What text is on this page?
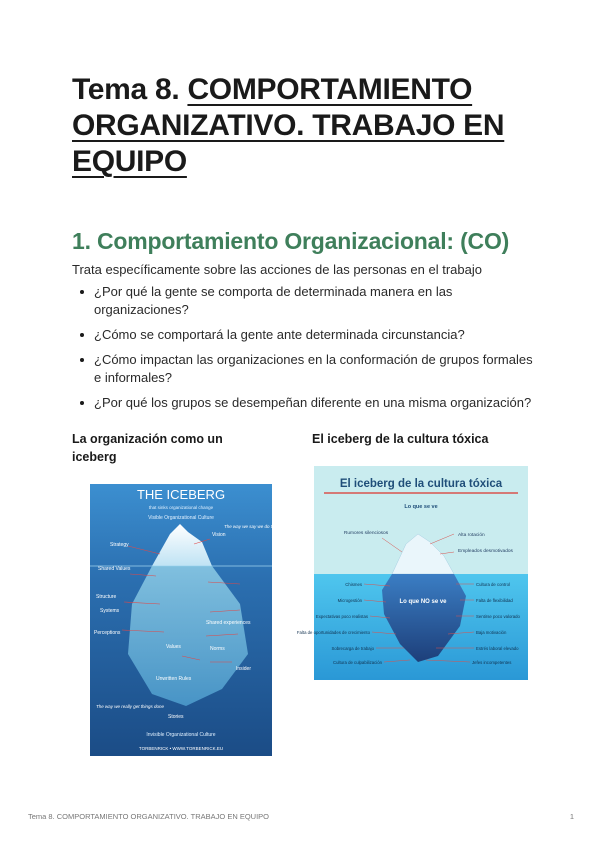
Tema 8. COMPORTAMIENTO ORGANIZATIVO. TRABAJO EN EQUIPO
1. Comportamiento Organizacional: (CO)
Trata específicamente sobre las acciones de las personas en el trabajo
¿Por qué la gente se comporta de determinada manera en las organizaciones?
¿Cómo se comportará la gente ante determinada circunstancia?
¿Cómo impactan las organizaciones en la conformación de grupos formales e informales?
¿Por qué los grupos se desempeñan diferente en una misma organización?
La organización como un iceberg
El iceberg de la cultura tóxica
THE ICEBERG
that sinks organizational change
Visible Organizational Culture
Vision
Strategy
Shared Values
Structure
Systems
Perceptions
Values	Norms
Unwritten Rules
Stories
Shared experiences
Insider
The way we say we do things here
The way we really get things done
Invisible Organizational Culture
TORBENRICK • WWW.TORBENRICK.EU
El iceberg de la cultura tóxica
Lo que se ve
Lo que NO se ve
Rumores silenciosos	Alta rotación
Empleados desmotivados
Chismes
Microgestión
Expectativas poco realistas
Falta de oportunidades de crecimiento
Sobrecarga de trabajo
Cultura de culpabilización
Cultura de control
Falta de flexibilidad
Sentirse poco valorado
Baja motivación
Estrés laboral elevado
Jefes incompetentes
Tema 8. COMPORTAMIENTO ORGANIZATIVO. TRABAJO EN EQUIPO	1
